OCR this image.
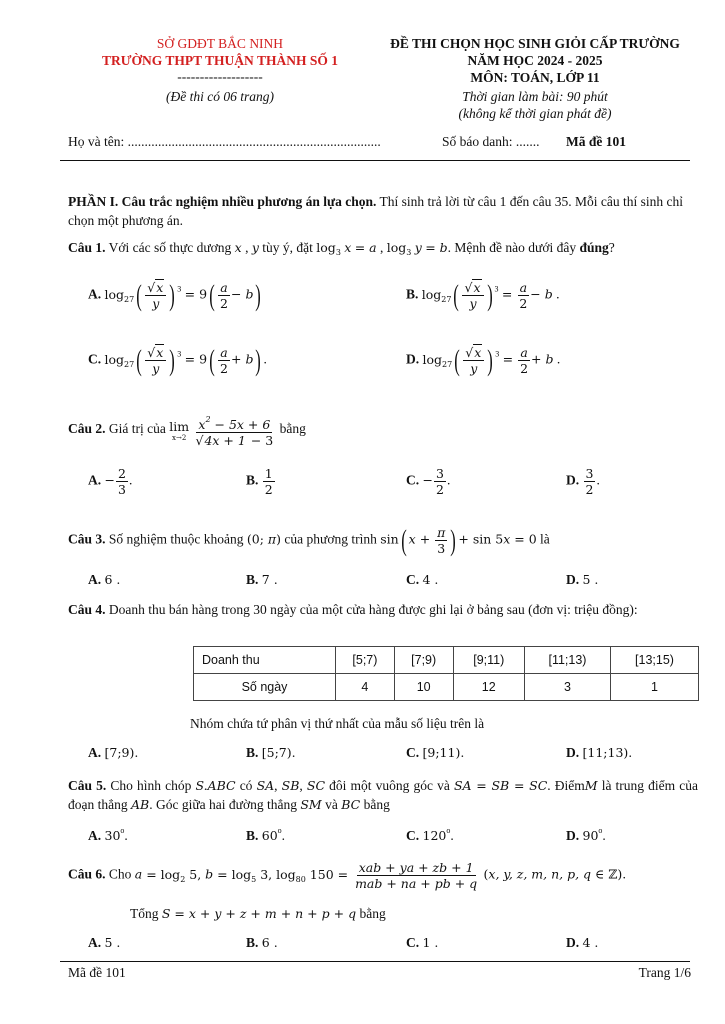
SỞ GDĐT BẮC NINH
TRƯỜNG THPT THUẬN THÀNH SỐ 1
-------------------
(Đề thi có 06 trang)
ĐỀ THI CHỌN HỌC SINH GIỎI CẤP TRƯỜNG
NĂM HỌC 2024 - 2025
MÔN: TOÁN, LỚP 11
Thời gian làm bài: 90 phút
(không kể thời gian phát đề)
Họ và tên: ...........................................................................	Số báo danh: ....... Mã đề 101
PHẦN I. Câu trắc nghiệm nhiều phương án lựa chọn. Thí sinh trả lời từ câu 1 đến câu 35. Mỗi câu thí sinh chỉ chọn một phương án.
Câu 1. Với các số thực dương x , y tùy ý, đặt $\log_3 x = a$ , $\log_3 y = b$. Mệnh đề nào dưới đây đúng?
A. $\log_{27}( \frac{√x}{y}$ ) $^3 = 9( \frac{a}{2} - b)$	B. $\log_{27}( \frac{√x}{y}$ ) $^3 = \frac{a}{2} - b$ .
C. $\log_{27}( \frac{√x}{y}$ ) $^3 = 9( \frac{a}{2} + b)$ .	D. $\log_{27}( \frac{√x}{y}$ ) $^3 = \frac{a}{2} + b$ .
Câu 2. Giá trị của lim
x→2
$\frac{x^2 - 5x + 6}{√4x + 1 - 3}$ bằng
A. − $\frac{2}{3}$ .	B. $\frac{1}{2}$	C. − $\frac{3}{2}$ .	D. $\frac{3}{2}$ .
Câu 3. Số nghiệm thuộc khoảng (0; π) của phương trình sin( $x + \frac{\pi}{3}$ ) + sin 5x = 0 là
A. 6 .	B. 7 .	C. 4 .	D. 5 .
Câu 4. Doanh thu bán hàng trong 30 ngày của một cửa hàng được ghi lại ở bảng sau (đơn vị: triệu đồng):
Doanh thu	[5;7)	[7;9)	[9;11)	[11;13)	[13;15)
Số ngày	4	10	12	3	1
Nhóm chứa tứ phân vị thứ nhất của mẫu số liệu trên là
A. [7;9).	B. [5;7).	C. [9;11).	D. [11;13).
Câu 5. Cho hình chóp S.ABC có SA, SB, SC đôi một vuông góc và SA = SB = SC. ĐiểmM là trung điểm của đoạn thẳng AB. Góc giữa hai đường thẳng SM và BC bằng
A. 30$^o$.	B. 60$^o$.	C. 120$^o$.	D. 90$^o$.
Câu 6. Cho $a = \log_2 5$, $b = \log_5 3$, $\log_{80} 150 = \frac{\text{xab + ya + zb + 1}}{\text{mab + na + pb + q}} (x$, y, z, m, n, p, q ∈ ℤ).
Tổng S = x + y + z + m + n + p + q bằng
A. 5 .	B. 6 .	C. 1 .	D. 4 .
Mã đề 101	Trang 1/6
